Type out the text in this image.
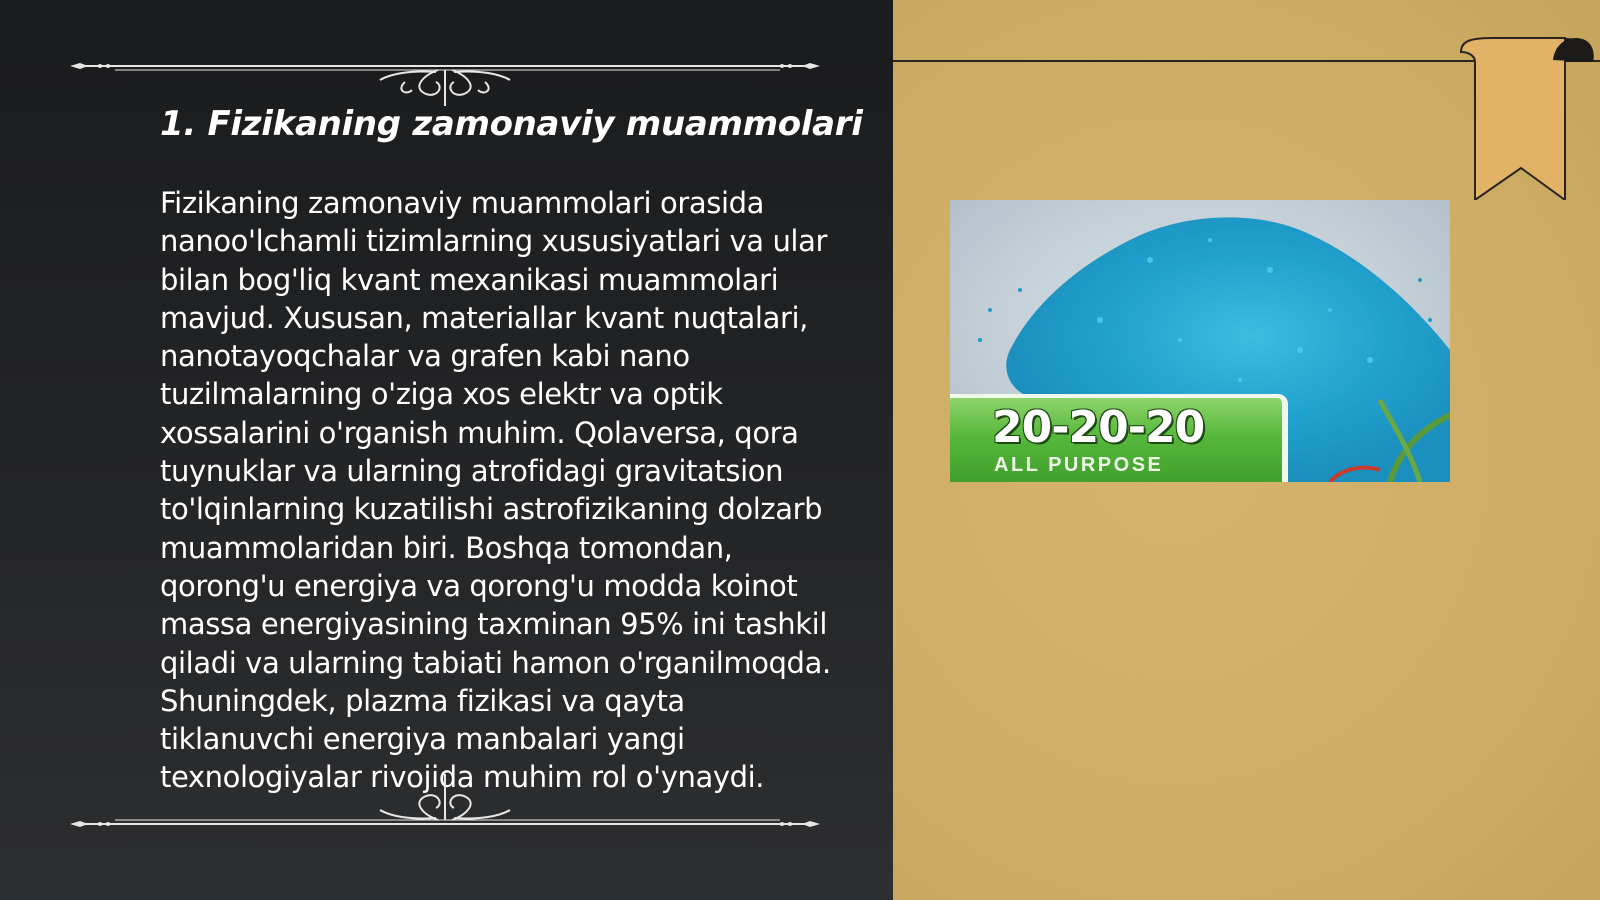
1. Fizikaning zamonaviy muammolari

Fizikaning zamonaviy muammolari orasida nanoo'lchamli tizimlarning xususiyatlari va ular bilan bog'liq kvant mexanikasi muammolari mavjud. Xususan, materiallar kvant nuqtalari, nanotayoqchalar va grafen kabi nano tuzilmalarning o'ziga xos elektr va optik xossalarini o'rganish muhim. Qolaversa, qora tuynuklar va ularning atrofidagi gravitatsion to'lqinlarning kuzatilishi astrofizikaning dolzarb muammolaridan biri. Boshqa tomondan, qorong'u energiya va qorong'u modda koinot massa energiyasining taxminan 95% ini tashkil qiladi va ularning tabiati hamon o'rganilmoqda. Shuningdek, plazma fizikasi va qayta tiklanuvchi energiya manbalari yangi texnologiyalar rivojida muhim rol o'ynaydi.

20-20-20
ALL PURPOSE
